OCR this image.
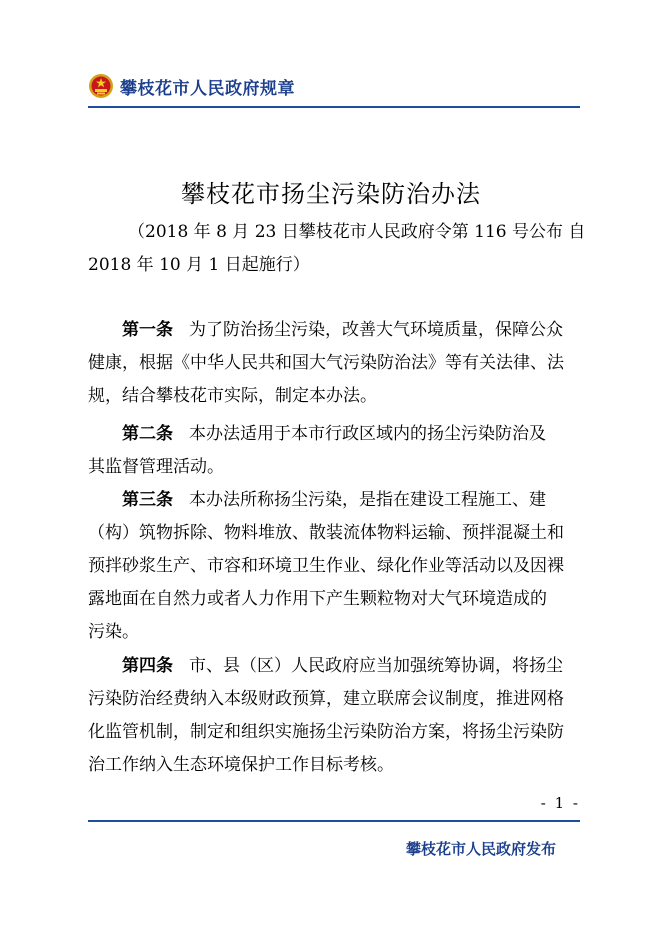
攀枝花市人民政府规章
攀枝花市扬尘污染防治办法
（2018 年 8 月 23 日攀枝花市人民政府令第 116 号公布 自
2018 年 10 月 1 日起施行）
第一条 为了防治扬尘污染，改善大气环境质量，保障公众
健康，根据《中华人民共和国大气污染防治法》等有关法律、法
规，结合攀枝花市实际，制定本办法。
第二条 本办法适用于本市行政区域内的扬尘污染防治及
其监督管理活动。
第三条 本办法所称扬尘污染，是指在建设工程施工、建
（构）筑物拆除、物料堆放、散装流体物料运输、预拌混凝土和
预拌砂浆生产、市容和环境卫生作业、绿化作业等活动以及因裸
露地面在自然力或者人力作用下产生颗粒物对大气环境造成的
污染。
第四条 市、县（区）人民政府应当加强统筹协调，将扬尘
污染防治经费纳入本级财政预算，建立联席会议制度，推进网格
化监管机制，制定和组织实施扬尘污染防治方案，将扬尘污染防
治工作纳入生态环境保护工作目标考核。
- 1 -
攀枝花市人民政府发布
